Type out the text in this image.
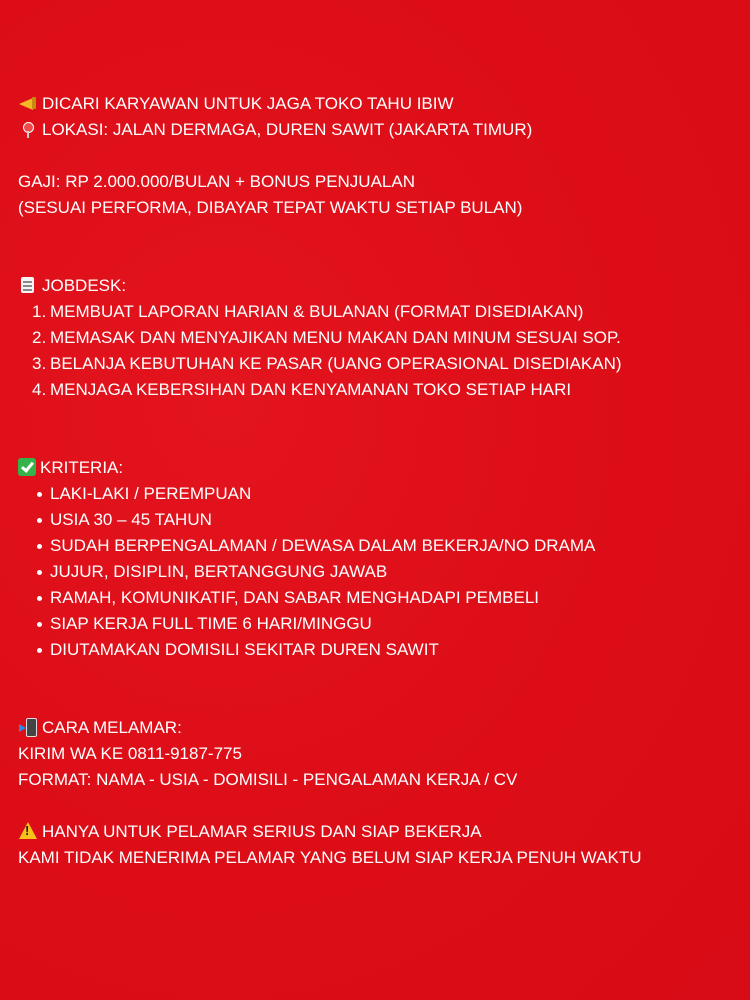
DICARI KARYAWAN UNTUK JAGA TOKO TAHU IBIW
LOKASI: JALAN DERMAGA, DUREN SAWIT (JAKARTA TIMUR)
GAJI: RP 2.000.000/BULAN + BONUS PENJUALAN
(SESUAI PERFORMA, DIBAYAR TEPAT WAKTU SETIAP BULAN)
JOBDESK:
1. MEMBUAT LAPORAN HARIAN & BULANAN (FORMAT DISEDIAKAN)
2. MEMASAK DAN MENYAJIKAN MENU MAKAN DAN MINUM SESUAI SOP.
3. BELANJA KEBUTUHAN KE PASAR (UANG OPERASIONAL DISEDIAKAN)
4. MENJAGA KEBERSIHAN DAN KENYAMANAN TOKO SETIAP HARI
KRITERIA:
LAKI-LAKI / PEREMPUAN
USIA 30 – 45 TAHUN
SUDAH BERPENGALAMAN / DEWASA DALAM BEKERJA/NO DRAMA
JUJUR, DISIPLIN, BERTANGGUNG JAWAB
RAMAH, KOMUNIKATIF, DAN SABAR MENGHADAPI PEMBELI
SIAP KERJA FULL TIME 6 HARI/MINGGU
DIUTAMAKAN DOMISILI SEKITAR DUREN SAWIT
CARA MELAMAR:
KIRIM WA KE 0811-9187-775
FORMAT: NAMA - USIA - DOMISILI - PENGALAMAN KERJA / CV
!HANYA UNTUK PELAMAR SERIUS DAN SIAP BEKERJA
KAMI TIDAK MENERIMA PELAMAR YANG BELUM SIAP KERJA PENUH WAKTU
